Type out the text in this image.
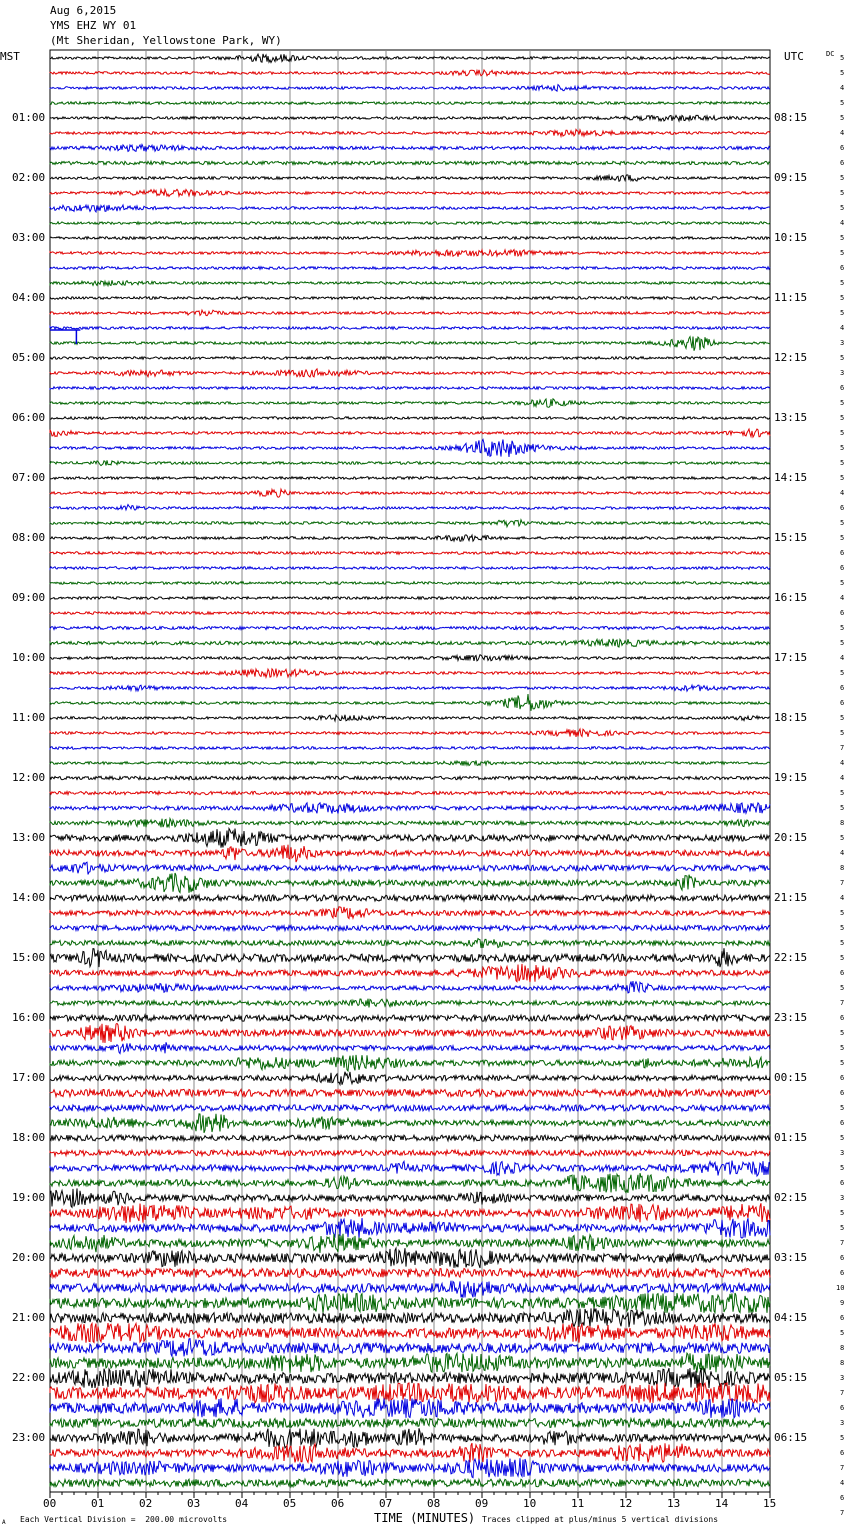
Aug 6,2015
YMS EHZ WY 01
(Mt Sheridan, Yellowstone Park, WY)
MST	UTC	DC
01:00
02:00
03:00
04:00
05:00
06:00
07:00
08:00
09:00
10:00
11:00
12:00
13:00
14:00
15:00
16:00
17:00
18:00
19:00
20:00
21:00
22:00
23:00
08:15
09:15
10:15
11:15
12:15
13:15
14:15
15:15
16:15
17:15
18:15
19:15
20:15
21:15
22:15
23:15
00:15
01:15
02:15
03:15
04:15
05:15
06:15
00	01	02	03	04	05	06	07	08	09	10	11	12	13	14	15
5
5
4
5
5
4
6
6
5
5
5
4
5
5
6
5
5
5
4
3
5
3
6
5
5
5
5
5
5
4
6
5
5
6
6
5
4
6
5
5
4
5
6
6
5
5
7
4
4
5
5
8
5
4
8
7
4
5
5
5
5
6
5
7
6
5
5
5
6
6
5
6
5
3
5
6
3
5
5
7
6
6
10
9
6
5
8
8
3
7
6
3
5
6
7
4
6
7
TIME (MINUTES)
Each Vertical Division =  200.00 microvolts	Traces clipped at plus/minus 5 vertical divisions
A
